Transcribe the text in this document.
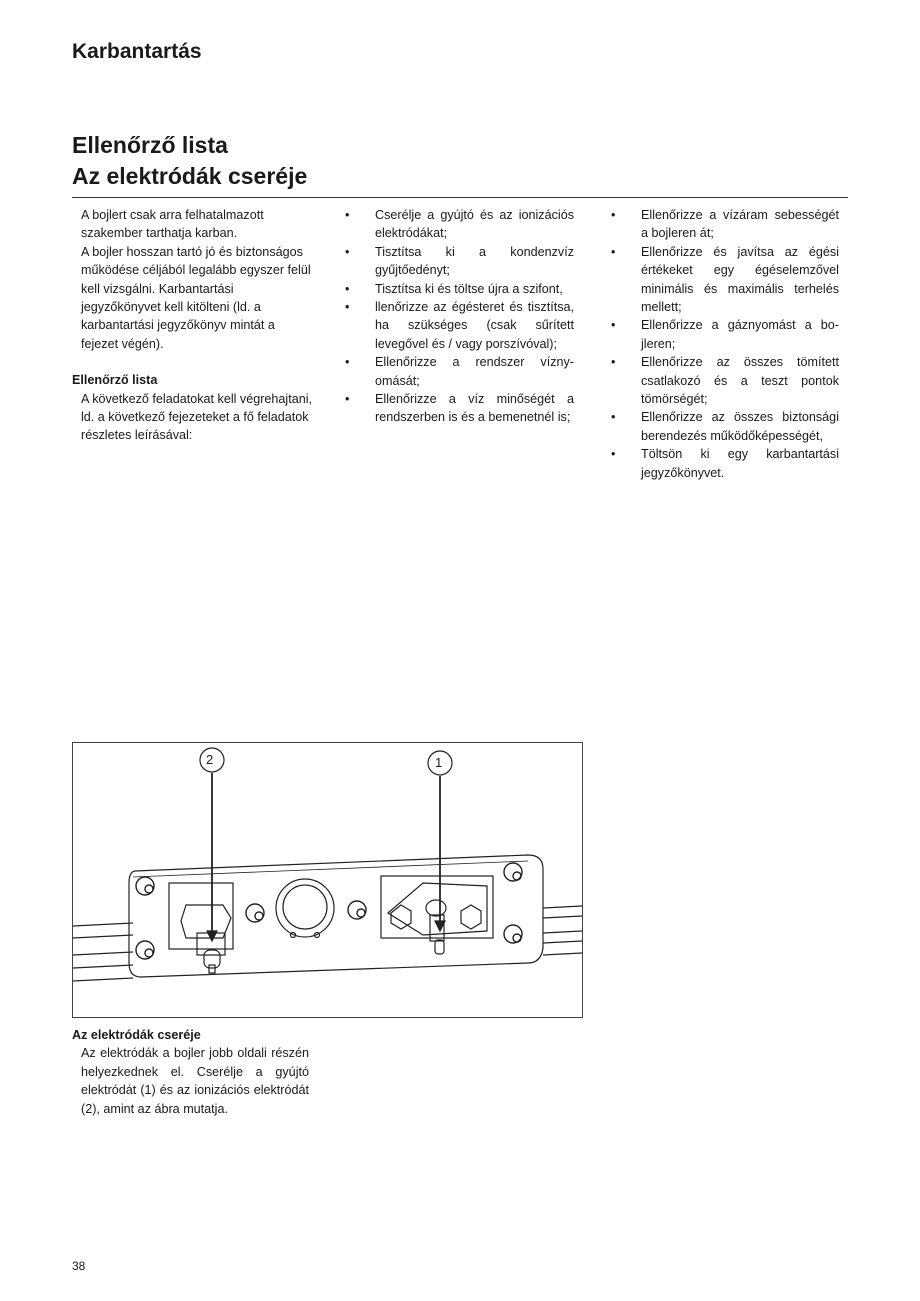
Karbantartás
Ellenőrző lista
Az elektródák cseréje

A bojlert csak arra felhatalmazott szakember tarthatja karban.

A bojler hosszan tartó jó és biztonságos működése céljából legalább egyszer felül kell vizsgálni. Karbantartási jegyzőkönyvet kell kitölteni (ld. a karbantartási jegyzőkönyv mintát a fejezet végén).

Ellenőrző lista

A következő feladatokat kell végrehajtani, ld. a következő fejezeteket a fő feladatok részletes leírásával:

• Cserélje a gyújtó és az ionizációs elektródákat;
• Tisztítsa ki a kondenzvíz gyűjtőedényt;
• Tisztítsa ki és töltse újra a szifont,
• llenőrizze az égésteret és tisztítsa, ha szükséges (csak sűrített levegővel és / vagy porszívóval);
• Ellenőrizze a rendszer víznyomását;
• Ellenőrizze a víz minőségét a rendszerben is és a bemenetnél is;
• Ellenőrizze a vízáram sebességét a bojleren át;
• Ellenőrizze és javítsa az égési értékeket egy égéselemzővel minimális és maximális terhelés mellett;
• Ellenőrizze a gáznyomást a bojleren;
• Ellenőrizze az összes tömített csatlakozó és a teszt pontok tömörségét;
• Ellenőrizze az összes biztonsági berendezés működőképességét,
• Töltsön ki egy karbantartási jegyzőkönyvet.
2	1

Az elektródák cseréje

Az elektródák a bojler jobb oldali részén helyezkednek el. Cserélje a gyújtó elektródát (1) és az ionizációs elektródát (2), amint az ábra mutatja.

38
